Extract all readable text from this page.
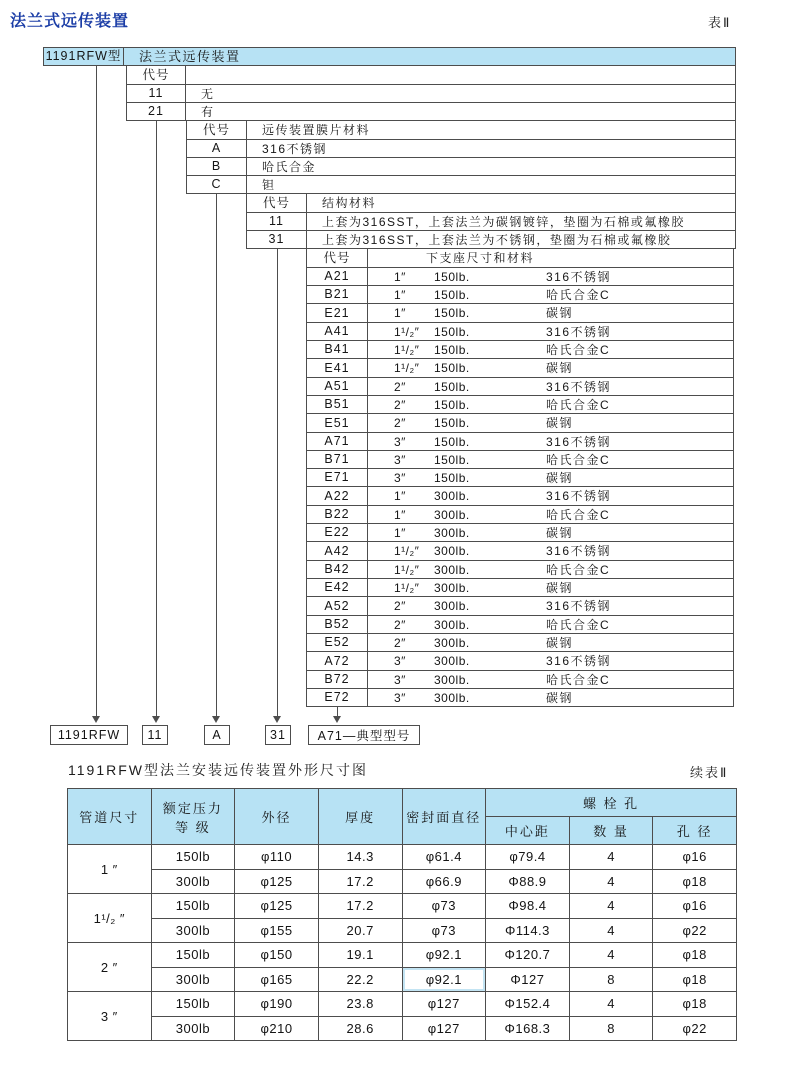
法兰式远传装置	表Ⅱ
1191RFW型	法兰式远传装置
代号
11	无
21	有
代号	远传装置膜片材料
A	316不锈钢
B	哈氏合金
C	钽
代号	结构材料
11	上套为316SST，上套法兰为碳钢镀锌，垫圈为石棉或氟橡胶
31	上套为316SST，上套法兰为不锈钢，垫圈为石棉或氟橡胶
代号	下支座尺寸和材料
A21	1″ 150lb.	316不锈钢
B21	1″ 150lb.	哈氏合金C
E21	1″ 150lb.	碳钢
A41	1¹/₂″ 150lb.	316不锈钢
B41	1¹/₂″ 150lb.	哈氏合金C
E41	1¹/₂″ 150lb.	碳钢
A51	2″ 150lb.	316不锈钢
B51	2″ 150lb.	哈氏合金C
E51	2″ 150lb.	碳钢
A71	3″ 150lb.	316不锈钢
B71	3″ 150lb.	哈氏合金C
E71	3″ 150lb.	碳钢
A22	1″ 300lb.	316不锈钢
B22	1″ 300lb.	哈氏合金C
E22	1″ 300lb.	碳钢
A42	1¹/₂″ 300lb.	316不锈钢
B42	1¹/₂″ 300lb.	哈氏合金C
E42	1¹/₂″ 300lb.	碳钢
A52	2″ 300lb.	316不锈钢
B52	2″ 300lb.	哈氏合金C
E52	2″ 300lb.	碳钢
A72	3″ 300lb.	316不锈钢
B72	3″ 300lb.	哈氏合金C
E72	3″ 300lb.	碳钢
1191RFW	11	A	31	A71—典型型号
1191RFW型法兰安装远传装置外形尺寸图	续表Ⅱ
管道尺寸	额定压力
等 级	外径	厚度	密封面直径	螺 栓 孔		
					中心距	数 量	孔 径
1 ″	150lb	φ110	14.3	φ61.4	φ79.4	4	φ16
	300lb	φ125	17.2	φ66.9	Φ88.9	4	φ18
1¹/₂ ″	150lb	φ125	17.2	φ73	Φ98.4	4	φ16
	300lb	φ155	20.7	φ73	Φ114.3	4	φ22
2 ″	150lb	φ150	19.1	φ92.1	Φ120.7	4	φ18
	300lb	φ165	22.2	φ92.1	Φ127	8	φ18
3 ″	150lb	φ190	23.8	φ127	Φ152.4	4	φ18
	300lb	φ210	28.6	φ127	Φ168.3	8	φ22
